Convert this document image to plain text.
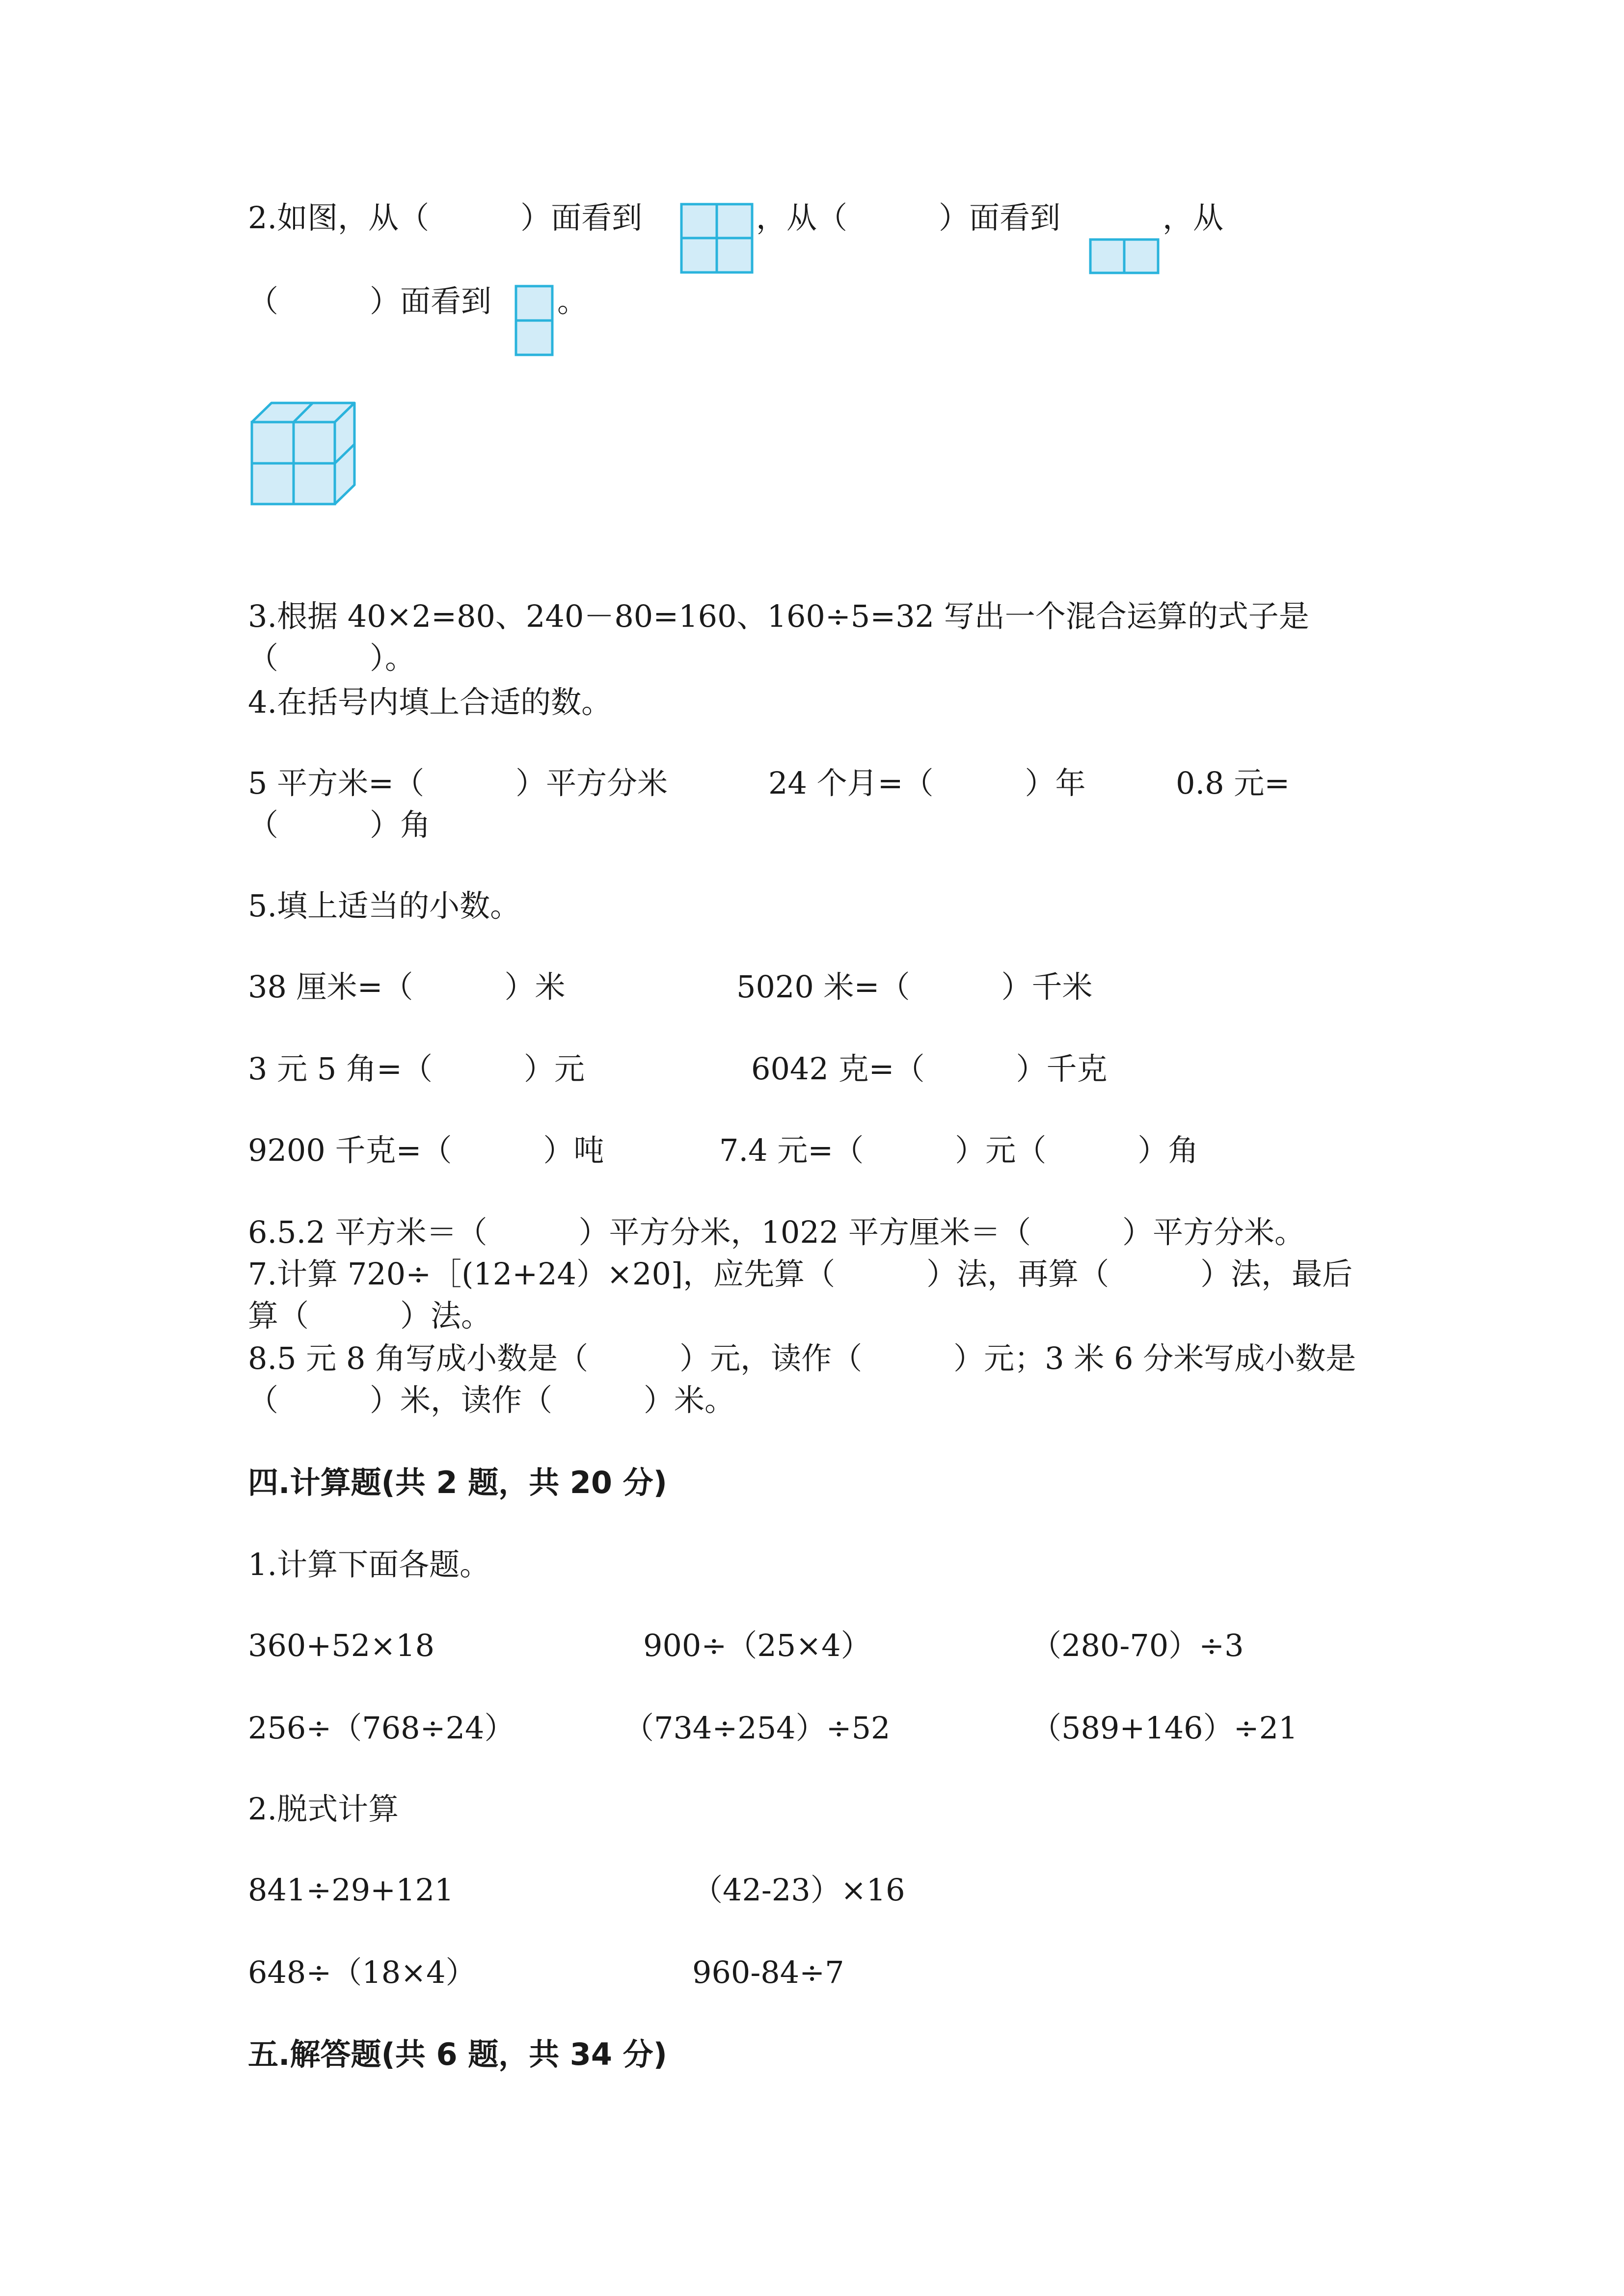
2.如图，从（　　　）面看到	，从（　　　）面看到	，从
（　　　）面看到 。
3.根据 40×2=80、240－80=160、160÷5=32 写出一个混合运算的式子是
（　　　）。
4.在括号内填上合适的数。
5 平方米=（　　　）平方分米	24 个月=（　　　）年	0.8 元=
（　　　）角
5.填上适当的小数。
38 厘米=（　　　）米	5020 米=（　　　）千米
3 元 5 角=（　　　）元	6042 克=（　　　）千克
9200 千克=（　　　）吨	7.4 元=（　　　）元（　　　）角
6.5.2 平方米＝（　　　）平方分米，1022 平方厘米＝（　　　）平方分米。
7.计算 720÷［(12+24）×20]，应先算（　　　）法，再算（　　　）法，最后
算（　　　）法。
8.5 元 8 角写成小数是（　　　）元，读作（　　　）元；3 米 6 分米写成小数是
（　　　）米，读作（　　　）米。
四.计算题(共 2 题，共 20 分)
1.计算下面各题。
360+52×18	900÷（25×4）	（280-70）÷3
256÷（768÷24）	（734÷254）÷52	（589+146）÷21
2.脱式计算
841÷29+121	（42-23）×16
648÷（18×4）	960-84÷7
五.解答题(共 6 题，共 34 分)
